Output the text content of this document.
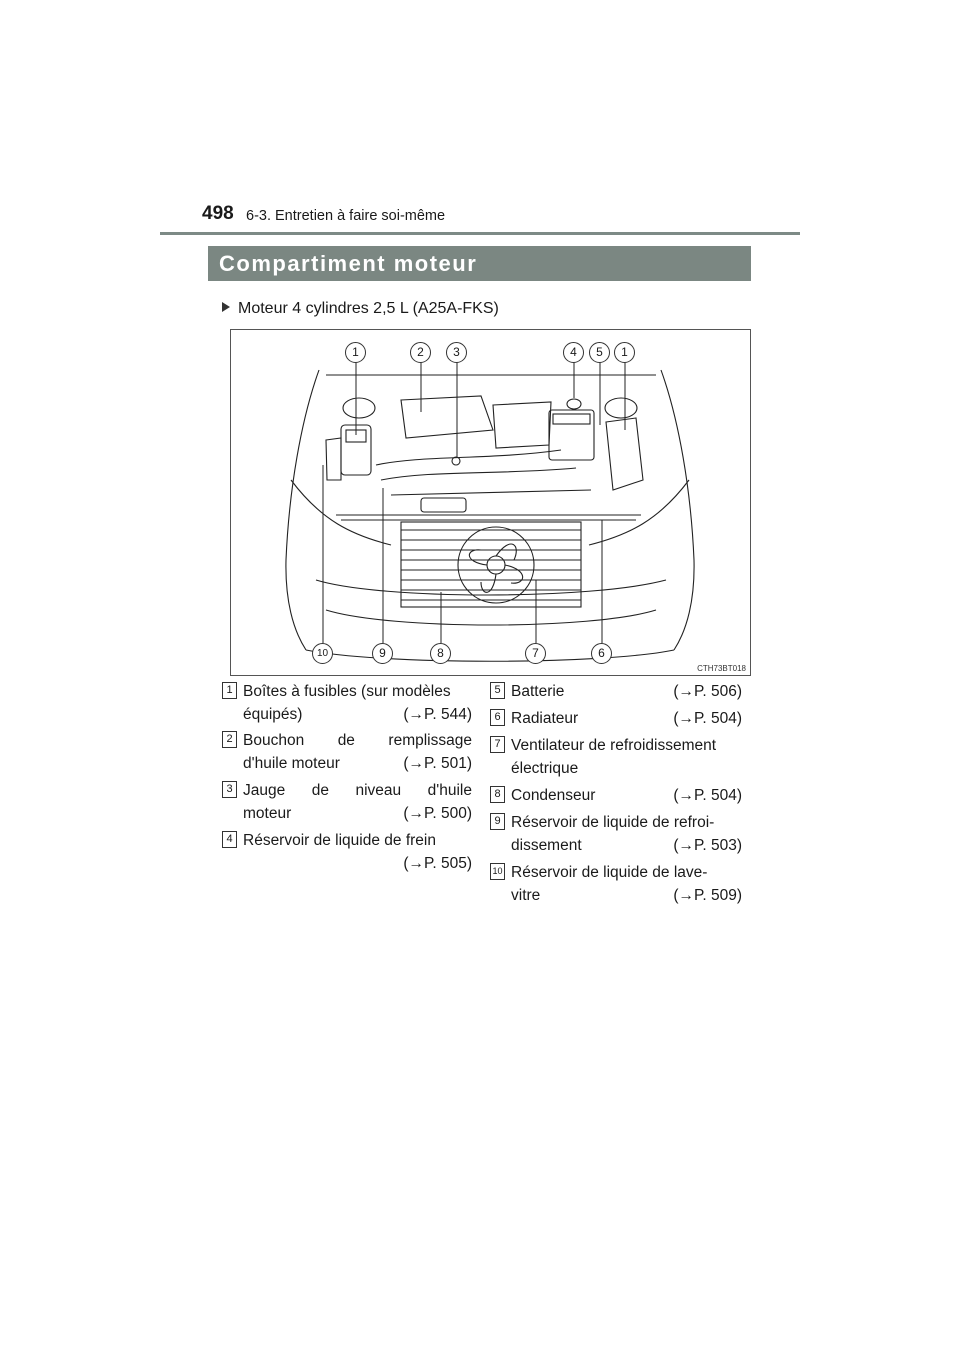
498 6-3. Entretien à faire soi-même
Compartiment moteur
Moteur 4 cylindres 2,5 L (A25A-FKS)
1	2	3	4	5	1
10	9	8	7	6
CTH73BT018
1 Boîtes à fusibles (sur modèles
équipés)	(→P. 544)
2 Bouchon de remplissage
d'huile moteur	(→P. 501)
3 Jauge de niveau d'huile
moteur	(→P. 500)
4 Réservoir de liquide de frein
(→P. 505)
5 Batterie	(→P. 506)
6 Radiateur	(→P. 504)
7 Ventilateur de refroidissement
électrique
8 Condenseur	(→P. 504)
9 Réservoir de liquide de refroi-
dissement	(→P. 503)
10 Réservoir de liquide de lave-
vitre	(→P. 509)
